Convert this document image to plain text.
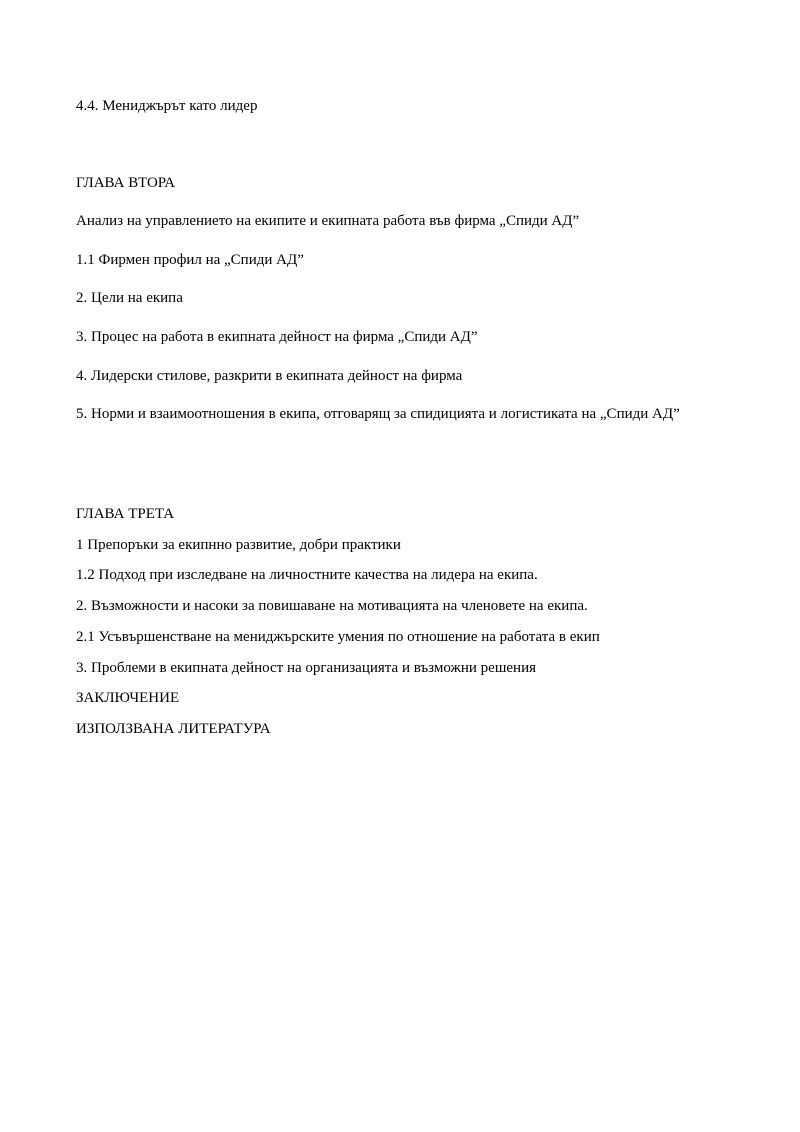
4.4. Мениджърът като лидер
ГЛАВА ВТОРА
Анализ на управлението на екипите и екипната работа във фирма „Спиди АД”
1.1 Фирмен профил на „Спиди АД”
2. Цели на екипа
3. Процес на работа в екипната дейност на фирма „Спиди АД”
4. Лидерски стилове, разкрити в екипната дейност на фирма
5. Норми и взаимоотношения в екипа, отговарящ за спидицията и логистиката на „Спиди АД”
ГЛАВА ТРЕТА
1 Препоръки за екипнно развитие, добри практики
1.2 Подход при изследване на личностните качества на лидера на екипа.
2. Възможности и насоки за повишаване на мотивацията на членовете на екипа.
2.1 Усъвършенстване на мениджърските умения по отношение на работата в екип
3. Проблеми в екипната дейност на организацията и възможни решения
ЗАКЛЮЧЕНИЕ
ИЗПОЛЗВАНА ЛИТЕРАТУРА
